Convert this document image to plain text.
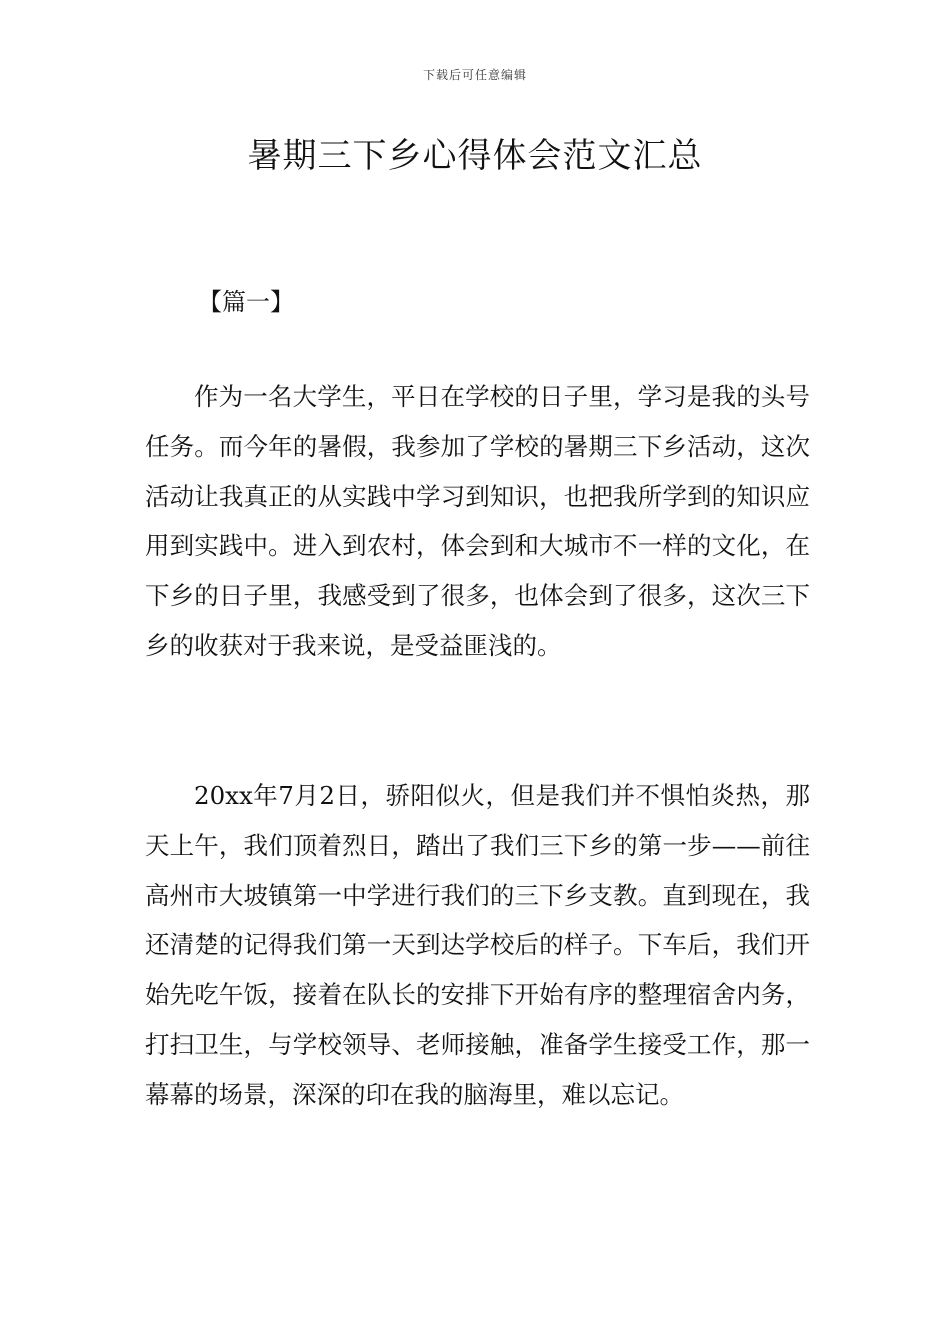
下载后可任意编辑
暑期三下乡心得体会范文汇总

【篇一】

作为一名大学生，平日在学校的日子里，学习是我的头号任务。而今年的暑假，我参加了学校的暑期三下乡活动，这次活动让我真正的从实践中学习到知识，也把我所学到的知识应用到实践中。进入到农村，体会到和大城市不一样的文化，在下乡的日子里，我感受到了很多，也体会到了很多，这次三下乡的收获对于我来说，是受益匪浅的。

20xx年7月2日，骄阳似火，但是我们并不惧怕炎热，那天上午，我们顶着烈日，踏出了我们三下乡的第一步——前往高州市大坡镇第一中学进行我们的三下乡支教。直到现在，我还清楚的记得我们第一天到达学校后的样子。下车后，我们开始先吃午饭，接着在队长的安排下开始有序的整理宿舍内务，打扫卫生，与学校领导、老师接触，准备学生接受工作，那一幕幕的场景，深深的印在我的脑海里，难以忘记。
